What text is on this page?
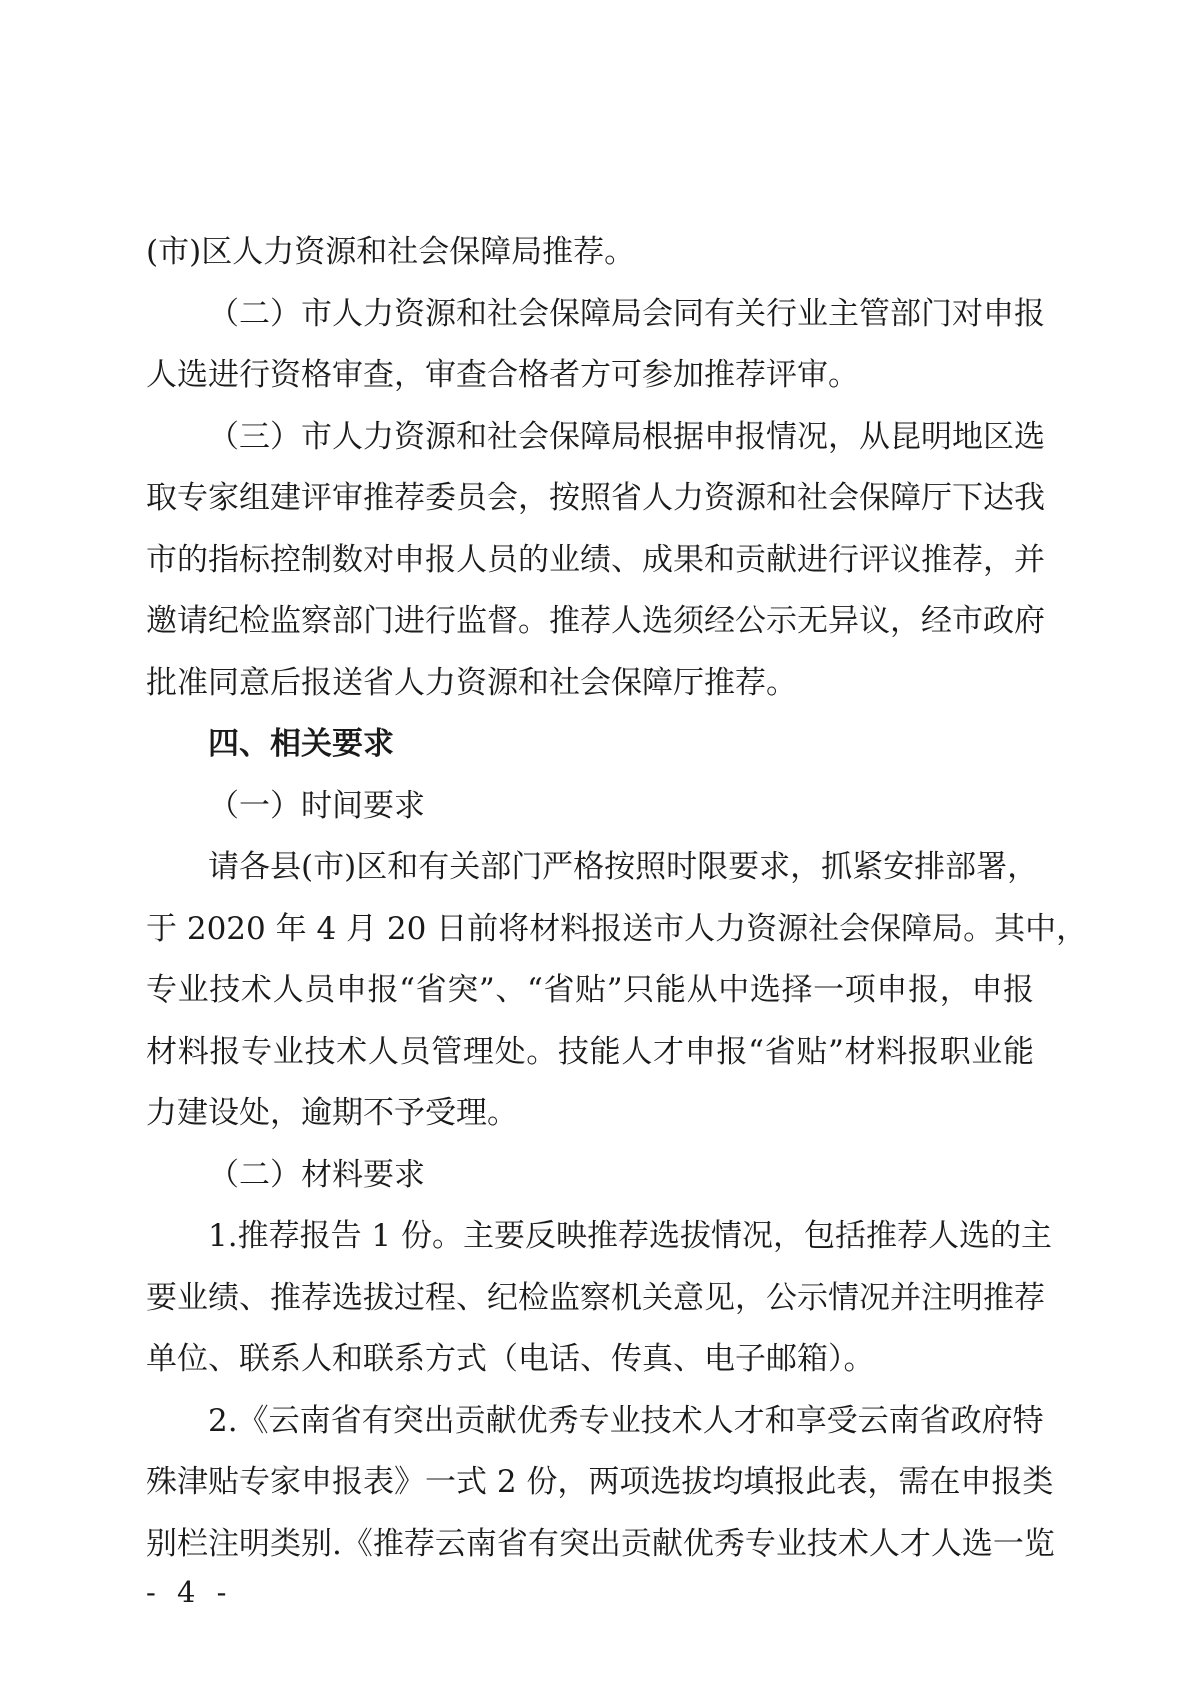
(市)区人力资源和社会保障局推荐。
（二）市人力资源和社会保障局会同有关行业主管部门对申报
人选进行资格审查，审查合格者方可参加推荐评审。
（三）市人力资源和社会保障局根据申报情况，从昆明地区选
取专家组建评审推荐委员会，按照省人力资源和社会保障厅下达我
市的指标控制数对申报人员的业绩、成果和贡献进行评议推荐，并
邀请纪检监察部门进行监督。推荐人选须经公示无异议，经市政府
批准同意后报送省人力资源和社会保障厅推荐。
四、相关要求
（一）时间要求
请各县(市)区和有关部门严格按照时限要求，抓紧安排部署，
于 2020 年 4 月 20 日前将材料报送市人力资源社会保障局。其中，
专业技术人员申报“省突”、“省贴”只能从中选择一项申报，申报
材料报专业技术人员管理处。技能人才申报“省贴”材料报职业能
力建设处，逾期不予受理。
（二）材料要求
1.推荐报告 1 份。主要反映推荐选拔情况，包括推荐人选的主
要业绩、推荐选拔过程、纪检监察机关意见，公示情况并注明推荐
单位、联系人和联系方式（电话、传真、电子邮箱）。
2.《云南省有突出贡献优秀专业技术人才和享受云南省政府特
殊津贴专家申报表》一式 2 份，两项选拔均填报此表，需在申报类
别栏注明类别.《推荐云南省有突出贡献优秀专业技术人才人选一览
- 4 -
